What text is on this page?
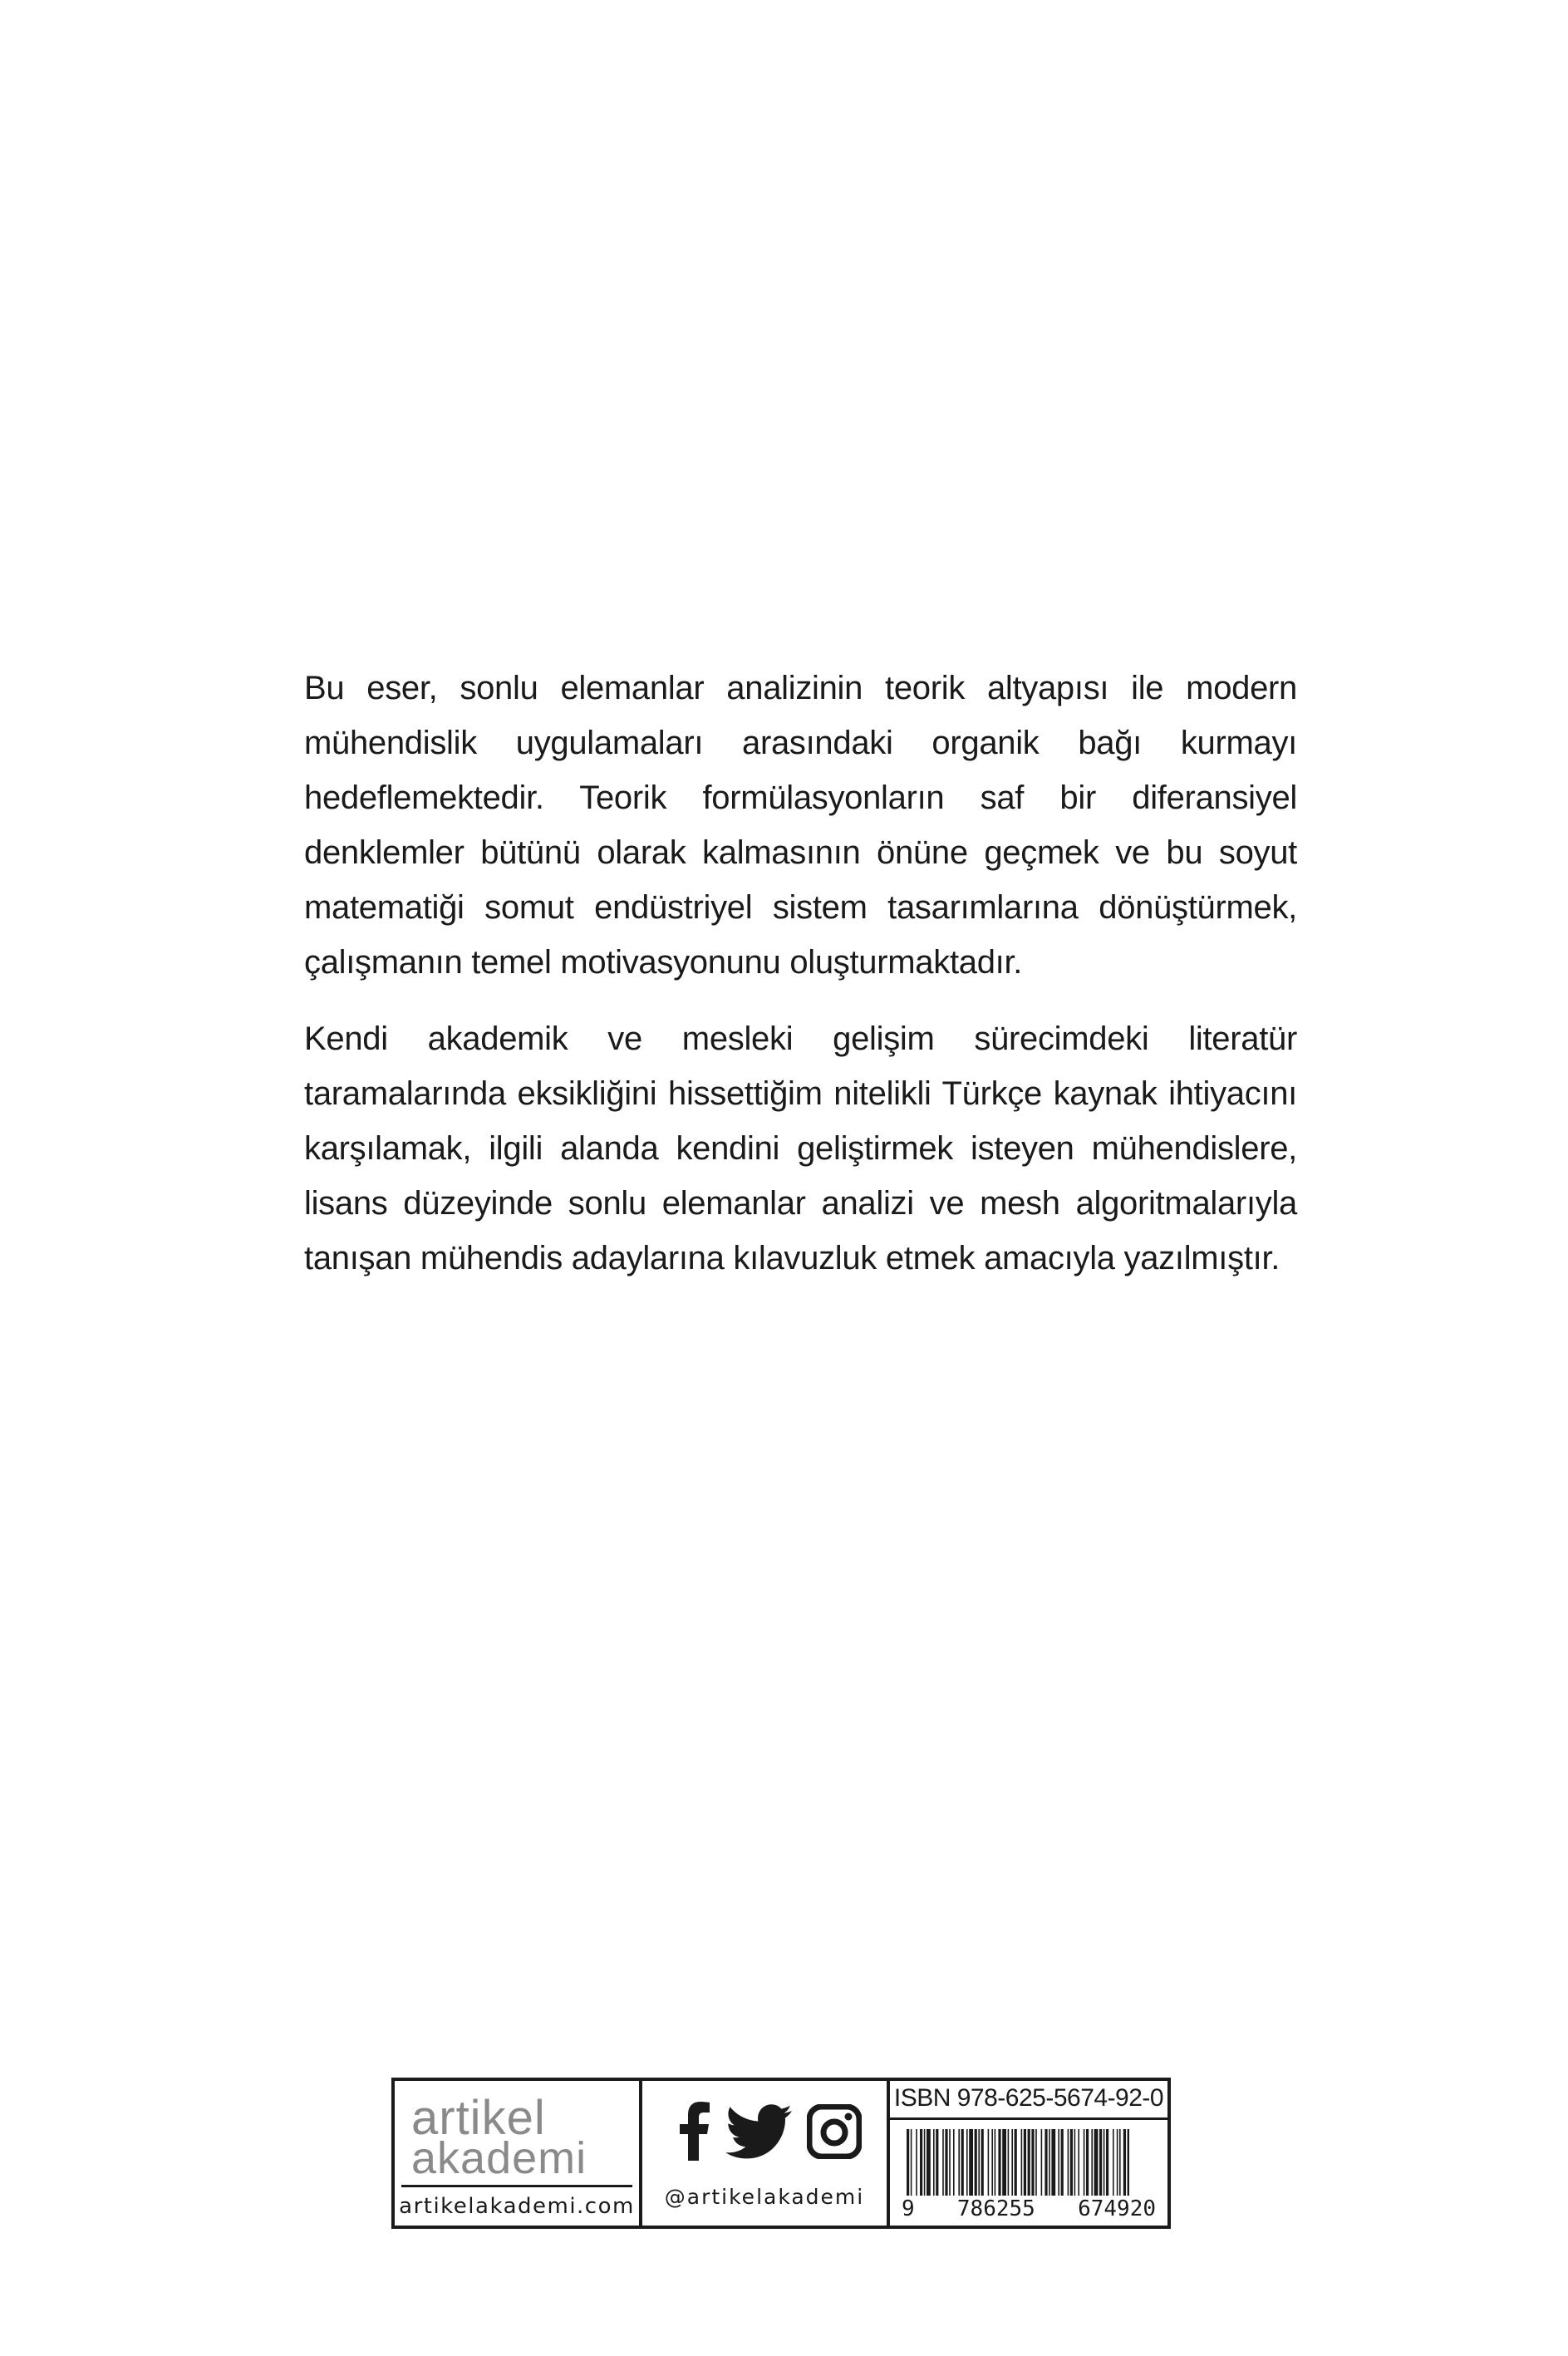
Bu eser, sonlu elemanlar analizinin teorik altyapısı ile modern mühendislik uygulamaları arasındaki organik bağı kurmayı hedeflemektedir. Teorik formülasyonların saf bir diferansiyel denklemler bütünü olarak kalmasının önüne geçmek ve bu soyut matematiği somut endüstriyel sistem tasarımlarına dönüştürmek, çalışmanın temel motivasyonunu oluşturmaktadır.

Kendi akademik ve mesleki gelişim sürecimdeki literatür taramalarında eksikliğini hissettiğim nitelikli Türkçe kaynak ihtiyacını karşılamak, ilgili alanda kendini geliştirmek isteyen mühendislere, lisans düzeyinde sonlu elemanlar analizi ve mesh algoritmalarıyla tanışan mühendis adaylarına kılavuzluk etmek amacıyla yazılmıştır.

artikel
akademi
artikelakademi.com	@artikelakademi
ISBN 978-625-5674-92-0
9 786255 674920
